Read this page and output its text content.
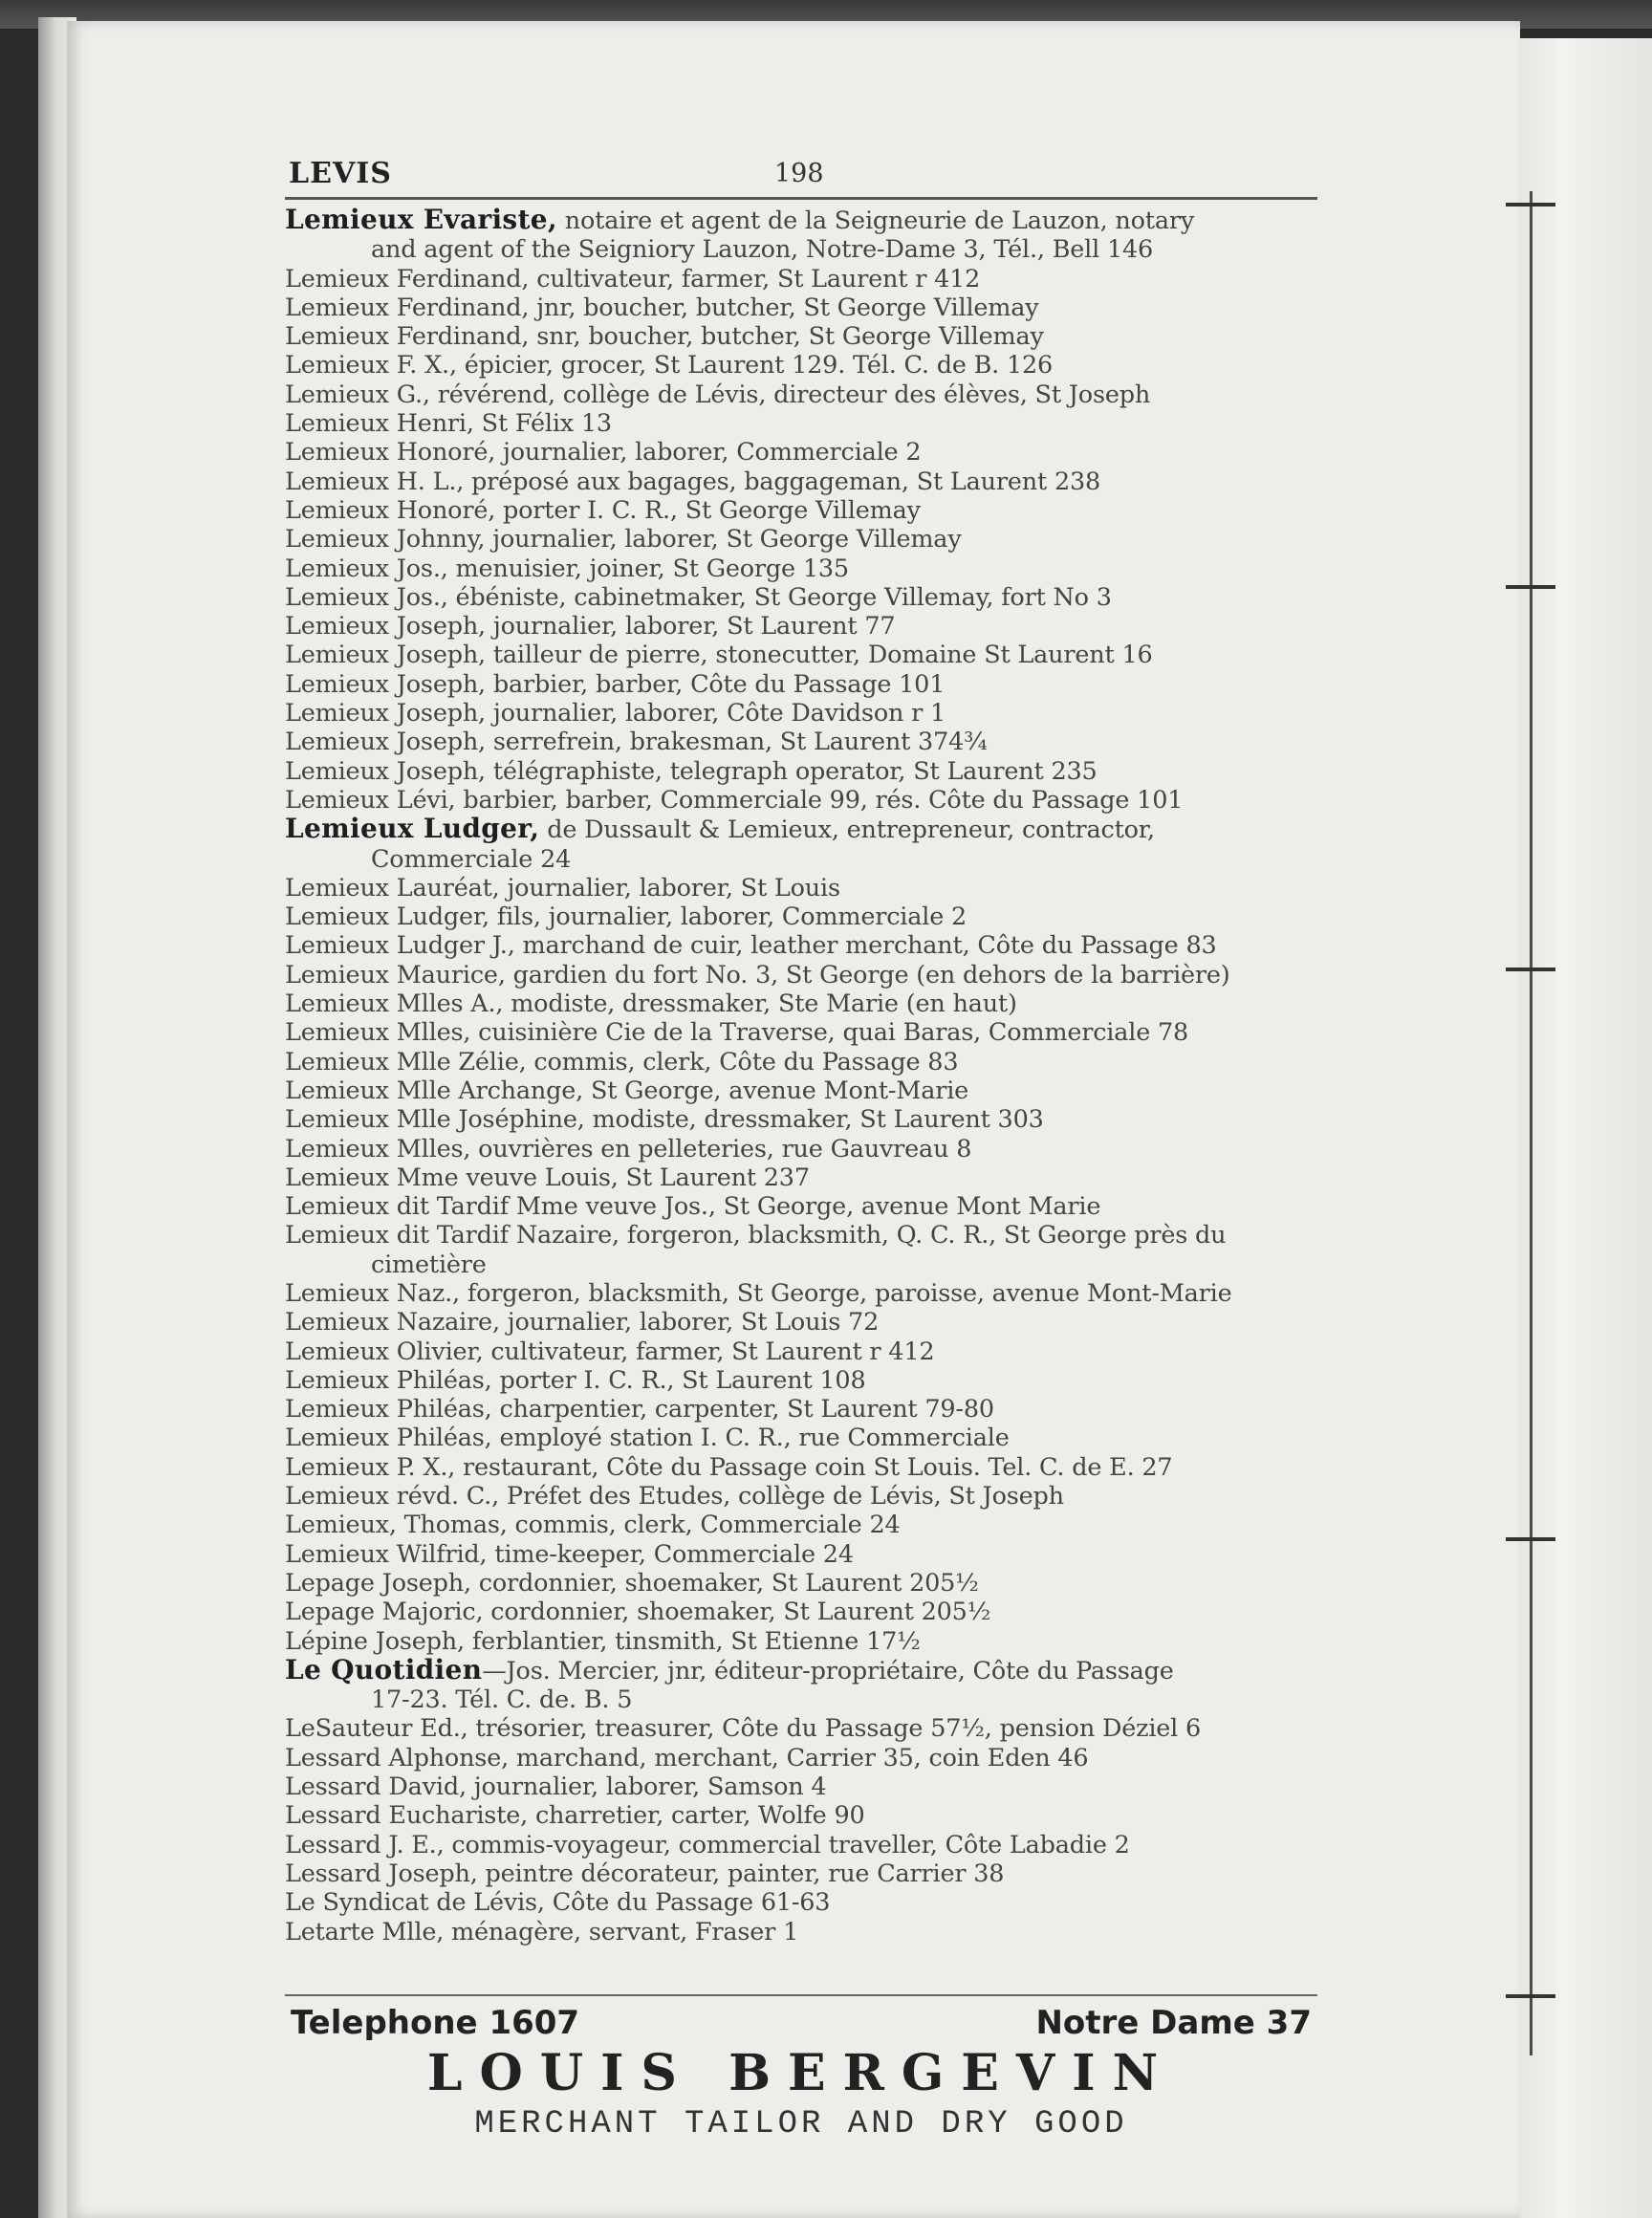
LEVIS	198
Lemieux Evariste, notaire et agent de la Seigneurie de Lauzon, notary
and agent of the Seigniory Lauzon, Notre-Dame 3, Tél., Bell 146
Lemieux Ferdinand, cultivateur, farmer, St Laurent r 412
Lemieux Ferdinand, jnr, boucher, butcher, St George Villemay
Lemieux Ferdinand, snr, boucher, butcher, St George Villemay
Lemieux F. X., épicier, grocer, St Laurent 129. Tél. C. de B. 126
Lemieux G., révérend, collège de Lévis, directeur des élèves, St Joseph
Lemieux Henri, St Félix 13
Lemieux Honoré, journalier, laborer, Commerciale 2
Lemieux H. L., préposé aux bagages, baggageman, St Laurent 238
Lemieux Honoré, porter I. C. R., St George Villemay
Lemieux Johnny, journalier, laborer, St George Villemay
Lemieux Jos., menuisier, joiner, St George 135
Lemieux Jos., ébéniste, cabinetmaker, St George Villemay, fort No 3
Lemieux Joseph, journalier, laborer, St Laurent 77
Lemieux Joseph, tailleur de pierre, stonecutter, Domaine St Laurent 16
Lemieux Joseph, barbier, barber, Côte du Passage 101
Lemieux Joseph, journalier, laborer, Côte Davidson r 1
Lemieux Joseph, serrefrein, brakesman, St Laurent 374¾
Lemieux Joseph, télégraphiste, telegraph operator, St Laurent 235
Lemieux Lévi, barbier, barber, Commerciale 99, rés. Côte du Passage 101
Lemieux Ludger, de Dussault & Lemieux, entrepreneur, contractor,
Commerciale 24
Lemieux Lauréat, journalier, laborer, St Louis
Lemieux Ludger, fils, journalier, laborer, Commerciale 2
Lemieux Ludger J., marchand de cuir, leather merchant, Côte du Passage 83
Lemieux Maurice, gardien du fort No. 3, St George (en dehors de la barrière)
Lemieux Mlles A., modiste, dressmaker, Ste Marie (en haut)
Lemieux Mlles, cuisinière Cie de la Traverse, quai Baras, Commerciale 78
Lemieux Mlle Zélie, commis, clerk, Côte du Passage 83
Lemieux Mlle Archange, St George, avenue Mont-Marie
Lemieux Mlle Joséphine, modiste, dressmaker, St Laurent 303
Lemieux Mlles, ouvrières en pelleteries, rue Gauvreau 8
Lemieux Mme veuve Louis, St Laurent 237
Lemieux dit Tardif Mme veuve Jos., St George, avenue Mont Marie
Lemieux dit Tardif Nazaire, forgeron, blacksmith, Q. C. R., St George près du
cimetière
Lemieux Naz., forgeron, blacksmith, St George, paroisse, avenue Mont-Marie
Lemieux Nazaire, journalier, laborer, St Louis 72
Lemieux Olivier, cultivateur, farmer, St Laurent r 412
Lemieux Philéas, porter I. C. R., St Laurent 108
Lemieux Philéas, charpentier, carpenter, St Laurent 79-80
Lemieux Philéas, employé station I. C. R., rue Commerciale
Lemieux P. X., restaurant, Côte du Passage coin St Louis. Tel. C. de E. 27
Lemieux révd. C., Préfet des Etudes, collège de Lévis, St Joseph
Lemieux, Thomas, commis, clerk, Commerciale 24
Lemieux Wilfrid, time-keeper, Commerciale 24
Lepage Joseph, cordonnier, shoemaker, St Laurent 205½
Lepage Majoric, cordonnier, shoemaker, St Laurent 205½
Lépine Joseph, ferblantier, tinsmith, St Etienne 17½
Le Quotidien—Jos. Mercier, jnr, éditeur-propriétaire, Côte du Passage
17-23. Tél. C. de. B. 5
LeSauteur Ed., trésorier, treasurer, Côte du Passage 57½, pension Déziel 6
Lessard Alphonse, marchand, merchant, Carrier 35, coin Eden 46
Lessard David, journalier, laborer, Samson 4
Lessard Eucharistе, charretier, carter, Wolfe 90
Lessard J. E., commis-voyageur, commercial traveller, Côte Labadie 2
Lessard Joseph, peintre décorateur, painter, rue Carrier 38
Le Syndicat de Lévis, Côte du Passage 61-63
Letarte Mlle, ménagère, servant, Fraser 1
Telephone 1607	Notre Dame 37
LOUIS BERGEVIN
MERCHANT TAILOR AND DRY GOOD
